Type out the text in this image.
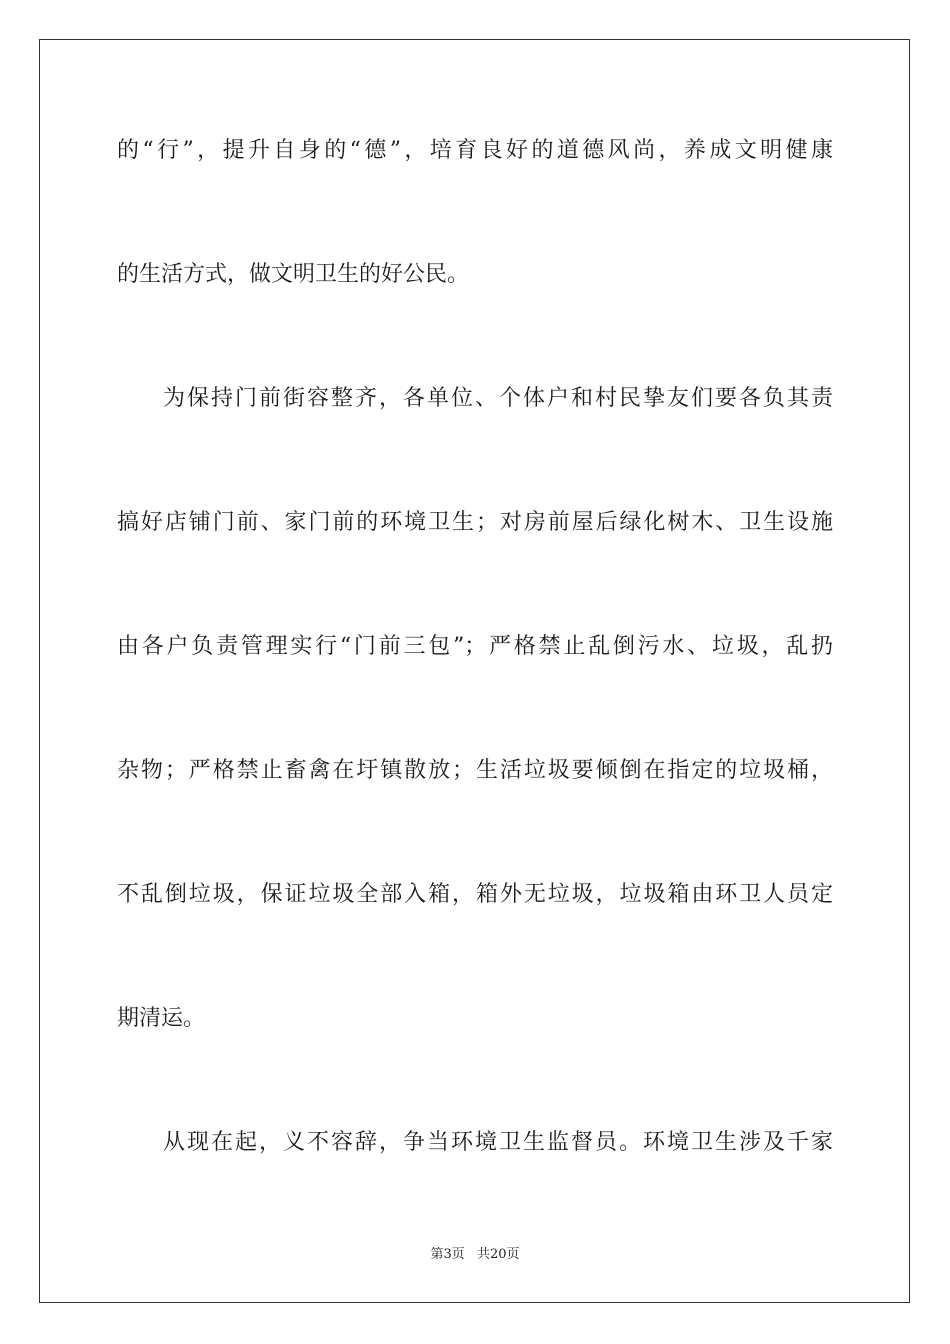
的“行”，提升自身的“德”，培育良好的道德风尚，养成文明健康
的生活方式，做文明卫生的好公民。
为保持门前街容整齐，各单位、个体户和村民挚友们要各负其责
搞好店铺门前、家门前的环境卫生；对房前屋后绿化树木、卫生设施
由各户负责管理实行“门前三包”；严格禁止乱倒污水、垃圾，乱扔
杂物；严格禁止畜禽在圩镇散放；生活垃圾要倾倒在指定的垃圾桶，
不乱倒垃圾，保证垃圾全部入箱，箱外无垃圾，垃圾箱由环卫人员定
期清运。
从现在起，义不容辞，争当环境卫生监督员。环境卫生涉及千家
第3页 共20页
